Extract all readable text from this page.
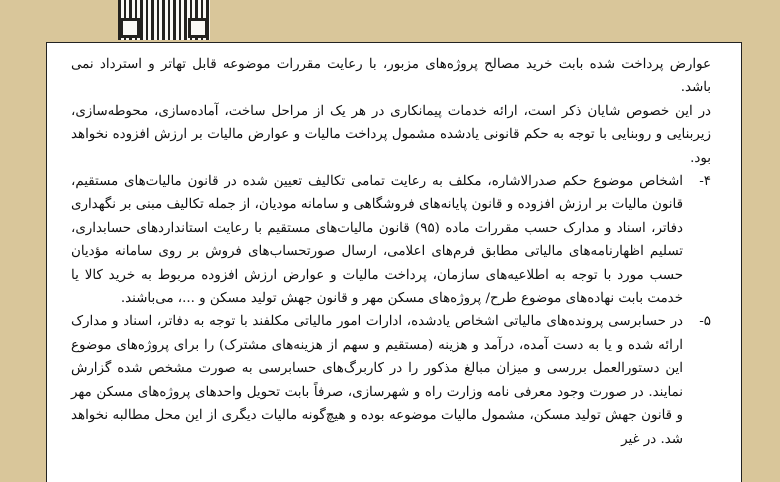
عوارض پرداخت شده بابت خرید مصالح پروژه‌های مزبور، با رعایت مقررات موضوعه قابل تهاتر و استرداد نمی باشد.

در این خصوص شایان ذکر است، ارائه خدمات پیمانکاری در هر یک از مراحل ساخت، آماده‌سازی، محوطه‌سازی، زیربنایی و روبنایی با توجه به حکم قانونی یادشده مشمول پرداخت مالیات و عوارض مالیات بر ارزش افزوده نخواهد بود.

۴-
اشخاص موضوع حکم صدرالاشاره، مکلف به رعایت تمامی تکالیف تعیین شده در قانون مالیات‌های مستقیم، قانون مالیات بر ارزش افزوده و قانون پایانه‌های فروشگاهی و سامانه مودیان، از جمله تکالیف مبنی بر نگهداری دفاتر، اسناد و مدارک حسب مقررات ماده (۹۵) قانون مالیات‌های مستقیم با رعایت استانداردهای حسابداری، تسلیم اظهارنامه‌های مالیاتی مطابق فرم‌های اعلامی، ارسال صورتحساب‌های فروش بر روی سامانه مؤدیان حسب مورد با توجه به اطلاعیه‌های سازمان، پرداخت مالیات و عوارض ارزش افزوده مربوط به خرید کالا یا خدمت بابت نهاده‌های موضوع طرح/ پروژه‌های مسکن مهر و قانون جهش تولید مسکن و ...، می‌باشند.
۵-
در حسابرسی پرونده‌های مالیاتی اشخاص یادشده، ادارات امور مالیاتی مکلفند با توجه به دفاتر، اسناد و مدارک ارائه شده و یا به دست آمده، درآمد و هزینه (مستقیم و سهم از هزینه‌های مشترک) را برای پروژه‌های موضوع این دستورالعمل بررسی و میزان مبالغ مذکور را در کاربرگ‌های حسابرسی به صورت مشخص شده گزارش نمایند. در صورت وجود معرفی نامه وزارت راه و شهرسازی، صرفاً بابت تحویل واحدهای پروژه‌های مسکن مهر و قانون جهش تولید مسکن، مشمول مالیات موضوعه بوده و هیچ‌گونه مالیات دیگری از این محل مطالبه نخواهد شد. در غیر
